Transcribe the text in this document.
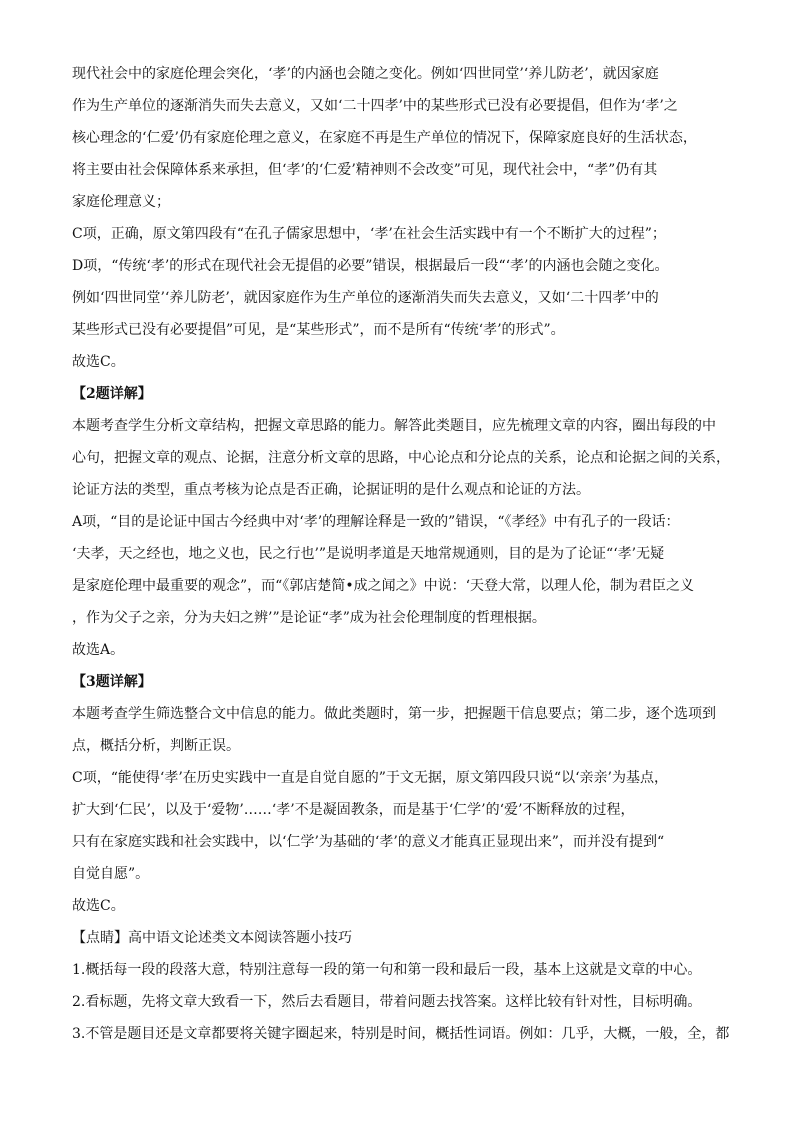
现代社会中的家庭伦理会突化，‘孝’的内涵也会随之变化。例如‘四世同堂’‘养儿防老’，就因家庭
作为生产单位的逐渐消失而失去意义，又如‘二十四孝’中的某些形式已没有必要提倡，但作为‘孝’之
核心理念的‘仁爱’仍有家庭伦理之意义，在家庭不再是生产单位的情况下，保障家庭良好的生活状态，
将主要由社会保障体系来承担，但‘孝’的‘仁爱’精神则不会改变”可见，现代社会中，“孝”仍有其
家庭伦理意义；
C项，正确，原文第四段有“在孔子儒家思想中，‘孝’在社会生活实践中有一个不断扩大的过程”；
D项，“传统‘孝’的形式在现代社会无提倡的必要”错误，根据最后一段“‘孝’的内涵也会随之变化。
例如‘四世同堂’‘养儿防老’，就因家庭作为生产单位的逐渐消失而失去意义，又如‘二十四孝’中的
某些形式已没有必要提倡”可见，是“某些形式”，而不是所有“传统‘孝’的形式”。
故选C。
【2题详解】
本题考查学生分析文章结构，把握文章思路的能力。解答此类题目，应先梳理文章的内容，圈出每段的中
心句，把握文章的观点、论据，注意分析文章的思路，中心论点和分论点的关系，论点和论据之间的关系，
论证方法的类型，重点考核为论点是否正确，论据证明的是什么观点和论证的方法。
A项，“目的是论证中国古今经典中对‘孝’的理解诠释是一致的”错误，“《孝经》中有孔子的一段话：
‘夫孝，天之经也，地之义也，民之行也’”是说明孝道是天地常规通则，目的是为了论证“‘孝’无疑
是家庭伦理中最重要的观念”，而“《郭店楚简•成之闻之》中说：‘天登大常，以理人伦，制为君臣之义
，作为父子之亲，分为夫妇之辨’”是论证“孝”成为社会伦理制度的哲理根据。
故选A。
【3题详解】
本题考查学生筛选整合文中信息的能力。做此类题时，第一步，把握题干信息要点；第二步，逐个选项到
点，概括分析，判断正误。
C项，“能使得‘孝’在历史实践中一直是自觉自愿的”于文无据，原文第四段只说“以‘亲亲’为基点，
扩大到‘仁民’，以及于‘爱物’……‘孝’不是凝固教条，而是基于‘仁学’的‘爱’不断释放的过程，
只有在家庭实践和社会实践中，以‘仁学’为基础的‘孝’的意义才能真正显现出来”，而并没有提到“
自觉自愿”。
故选C。
【点睛】高中语文论述类文本阅读答题小技巧
1.概括每一段的段落大意，特别注意每一段的第一句和第一段和最后一段，基本上这就是文章的中心。
2.看标题，先将文章大致看一下，然后去看题目，带着问题去找答案。这样比较有针对性，目标明确。
3.不管是题目还是文章都要将关键字圈起来，特别是时间，概括性词语。例如：几乎，大概，一般，全，都
